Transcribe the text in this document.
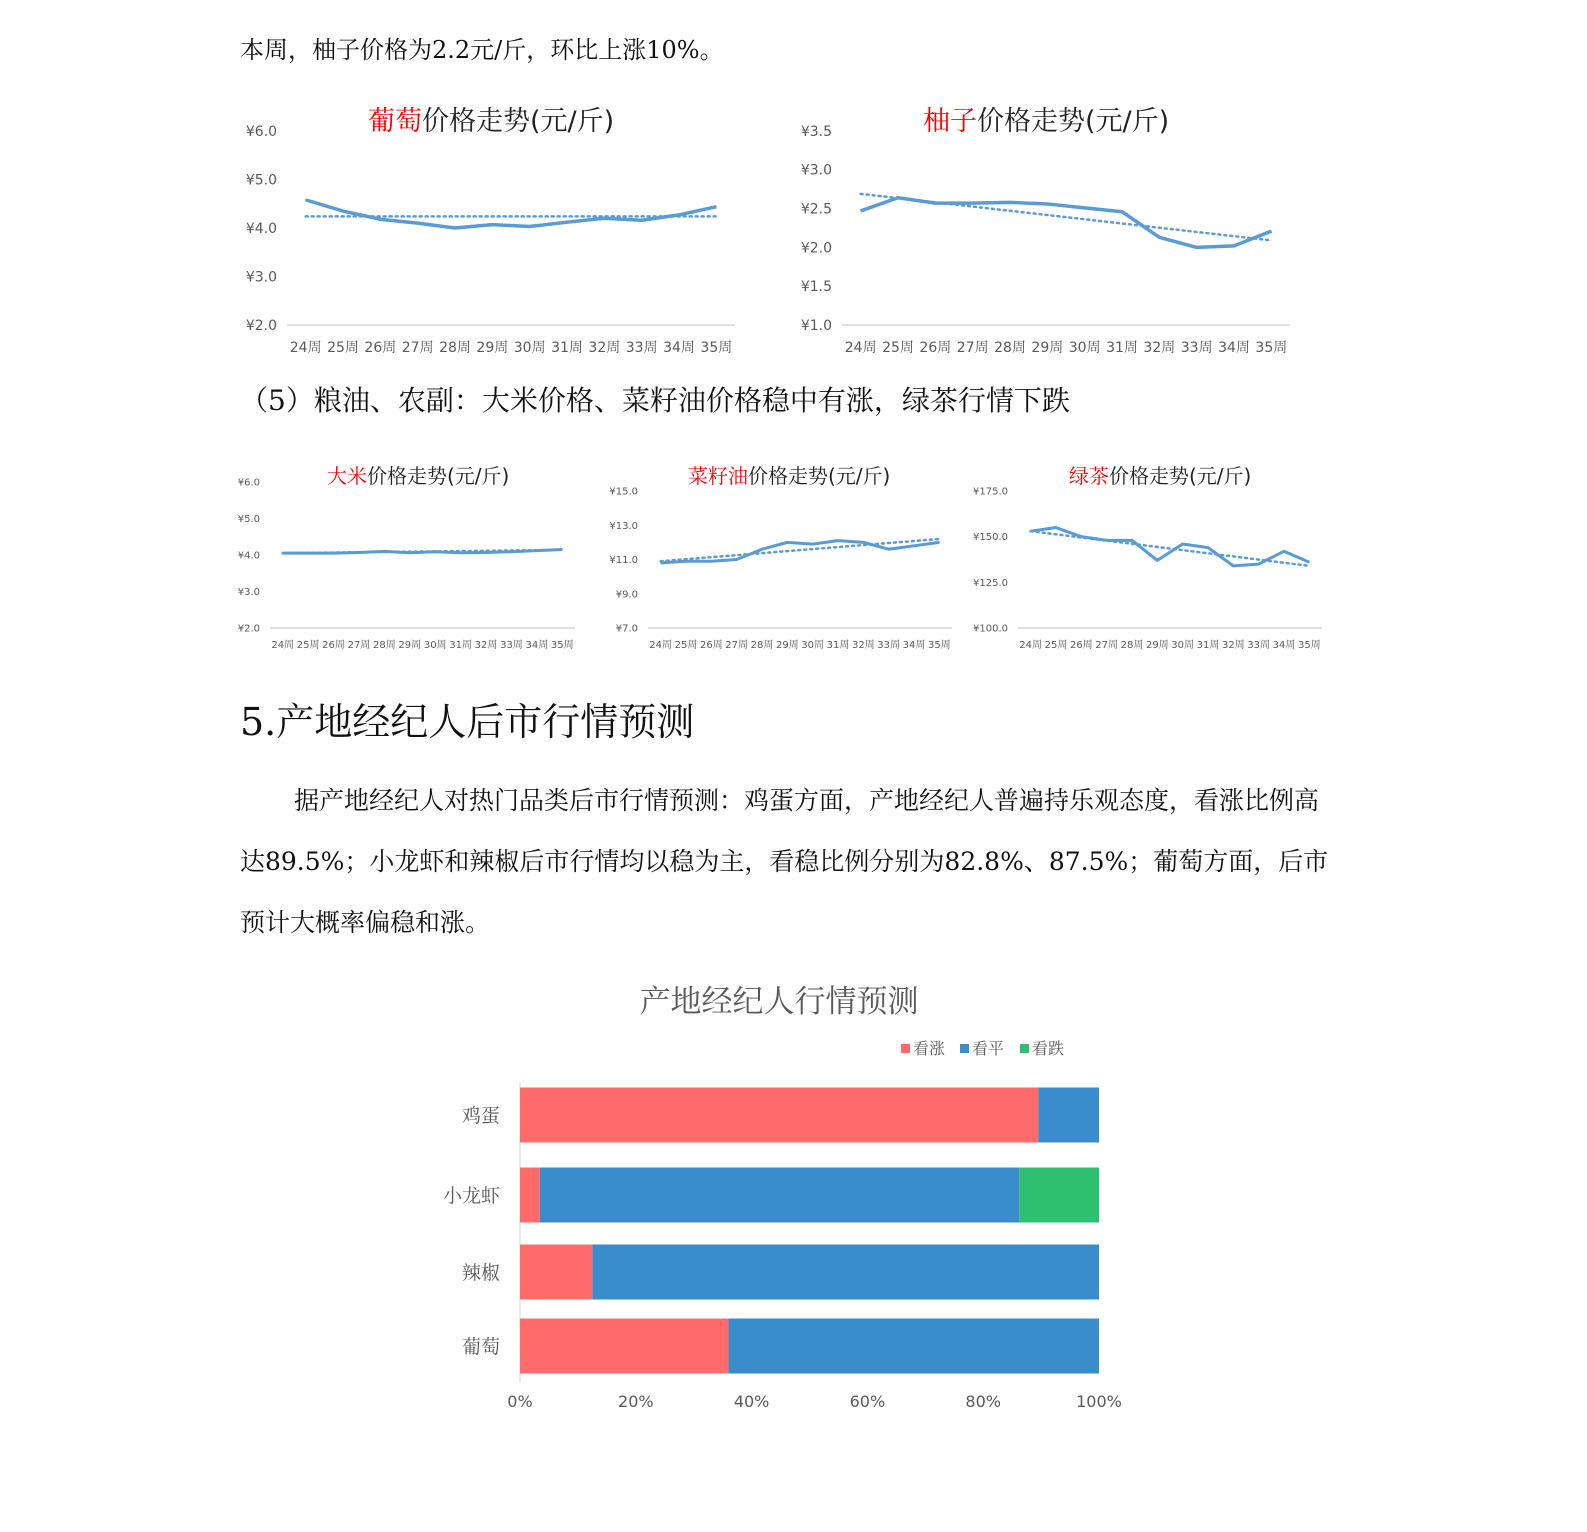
本周，柚子价格为2.2元/斤，环比上涨10%。
葡萄价格走势(元/斤)
¥2.0
¥3.0
¥4.0
¥5.0
¥6.0
24周 25周 26周 27周 28周 29周 30周 31周 32周 33周 34周 35周
柚子价格走势(元/斤)
¥1.0
¥1.5
¥2.0
¥2.5
¥3.0
¥3.5
24周 25周 26周 27周 28周 29周 30周 31周 32周 33周 34周 35周
（5）粮油、农副：大米价格、菜籽油价格稳中有涨，绿茶行情下跌
大米价格走势(元/斤)
¥2.0
¥3.0
¥4.0
¥5.0
¥6.0
24周 25周 26周 27周 28周 29周 30周 31周 32周 33周 34周 35周
菜籽油价格走势(元/斤)
¥7.0
¥9.0
¥11.0
¥13.0
¥15.0
24周 25周 26周 27周 28周 29周 30周 31周 32周 33周 34周 35周
绿茶价格走势(元/斤)
¥100.0
¥125.0
¥150.0
¥175.0
24周 25周 26周 27周 28周 29周 30周 31周 32周 33周 34周 35周
5.产地经纪人后市行情预测
据产地经纪人对热门品类后市行情预测：鸡蛋方面，产地经纪人普遍持乐观态度，看涨比例高达89.5%；小龙虾和辣椒后市行情均以稳为主，看稳比例分别为82.8%、87.5%；葡萄方面，后市预计大概率偏稳和涨。
产地经纪人行情预测
看涨 看平 看跌
鸡蛋
小龙虾
辣椒
葡萄
0%	20%	40%	60%	80%	100%
